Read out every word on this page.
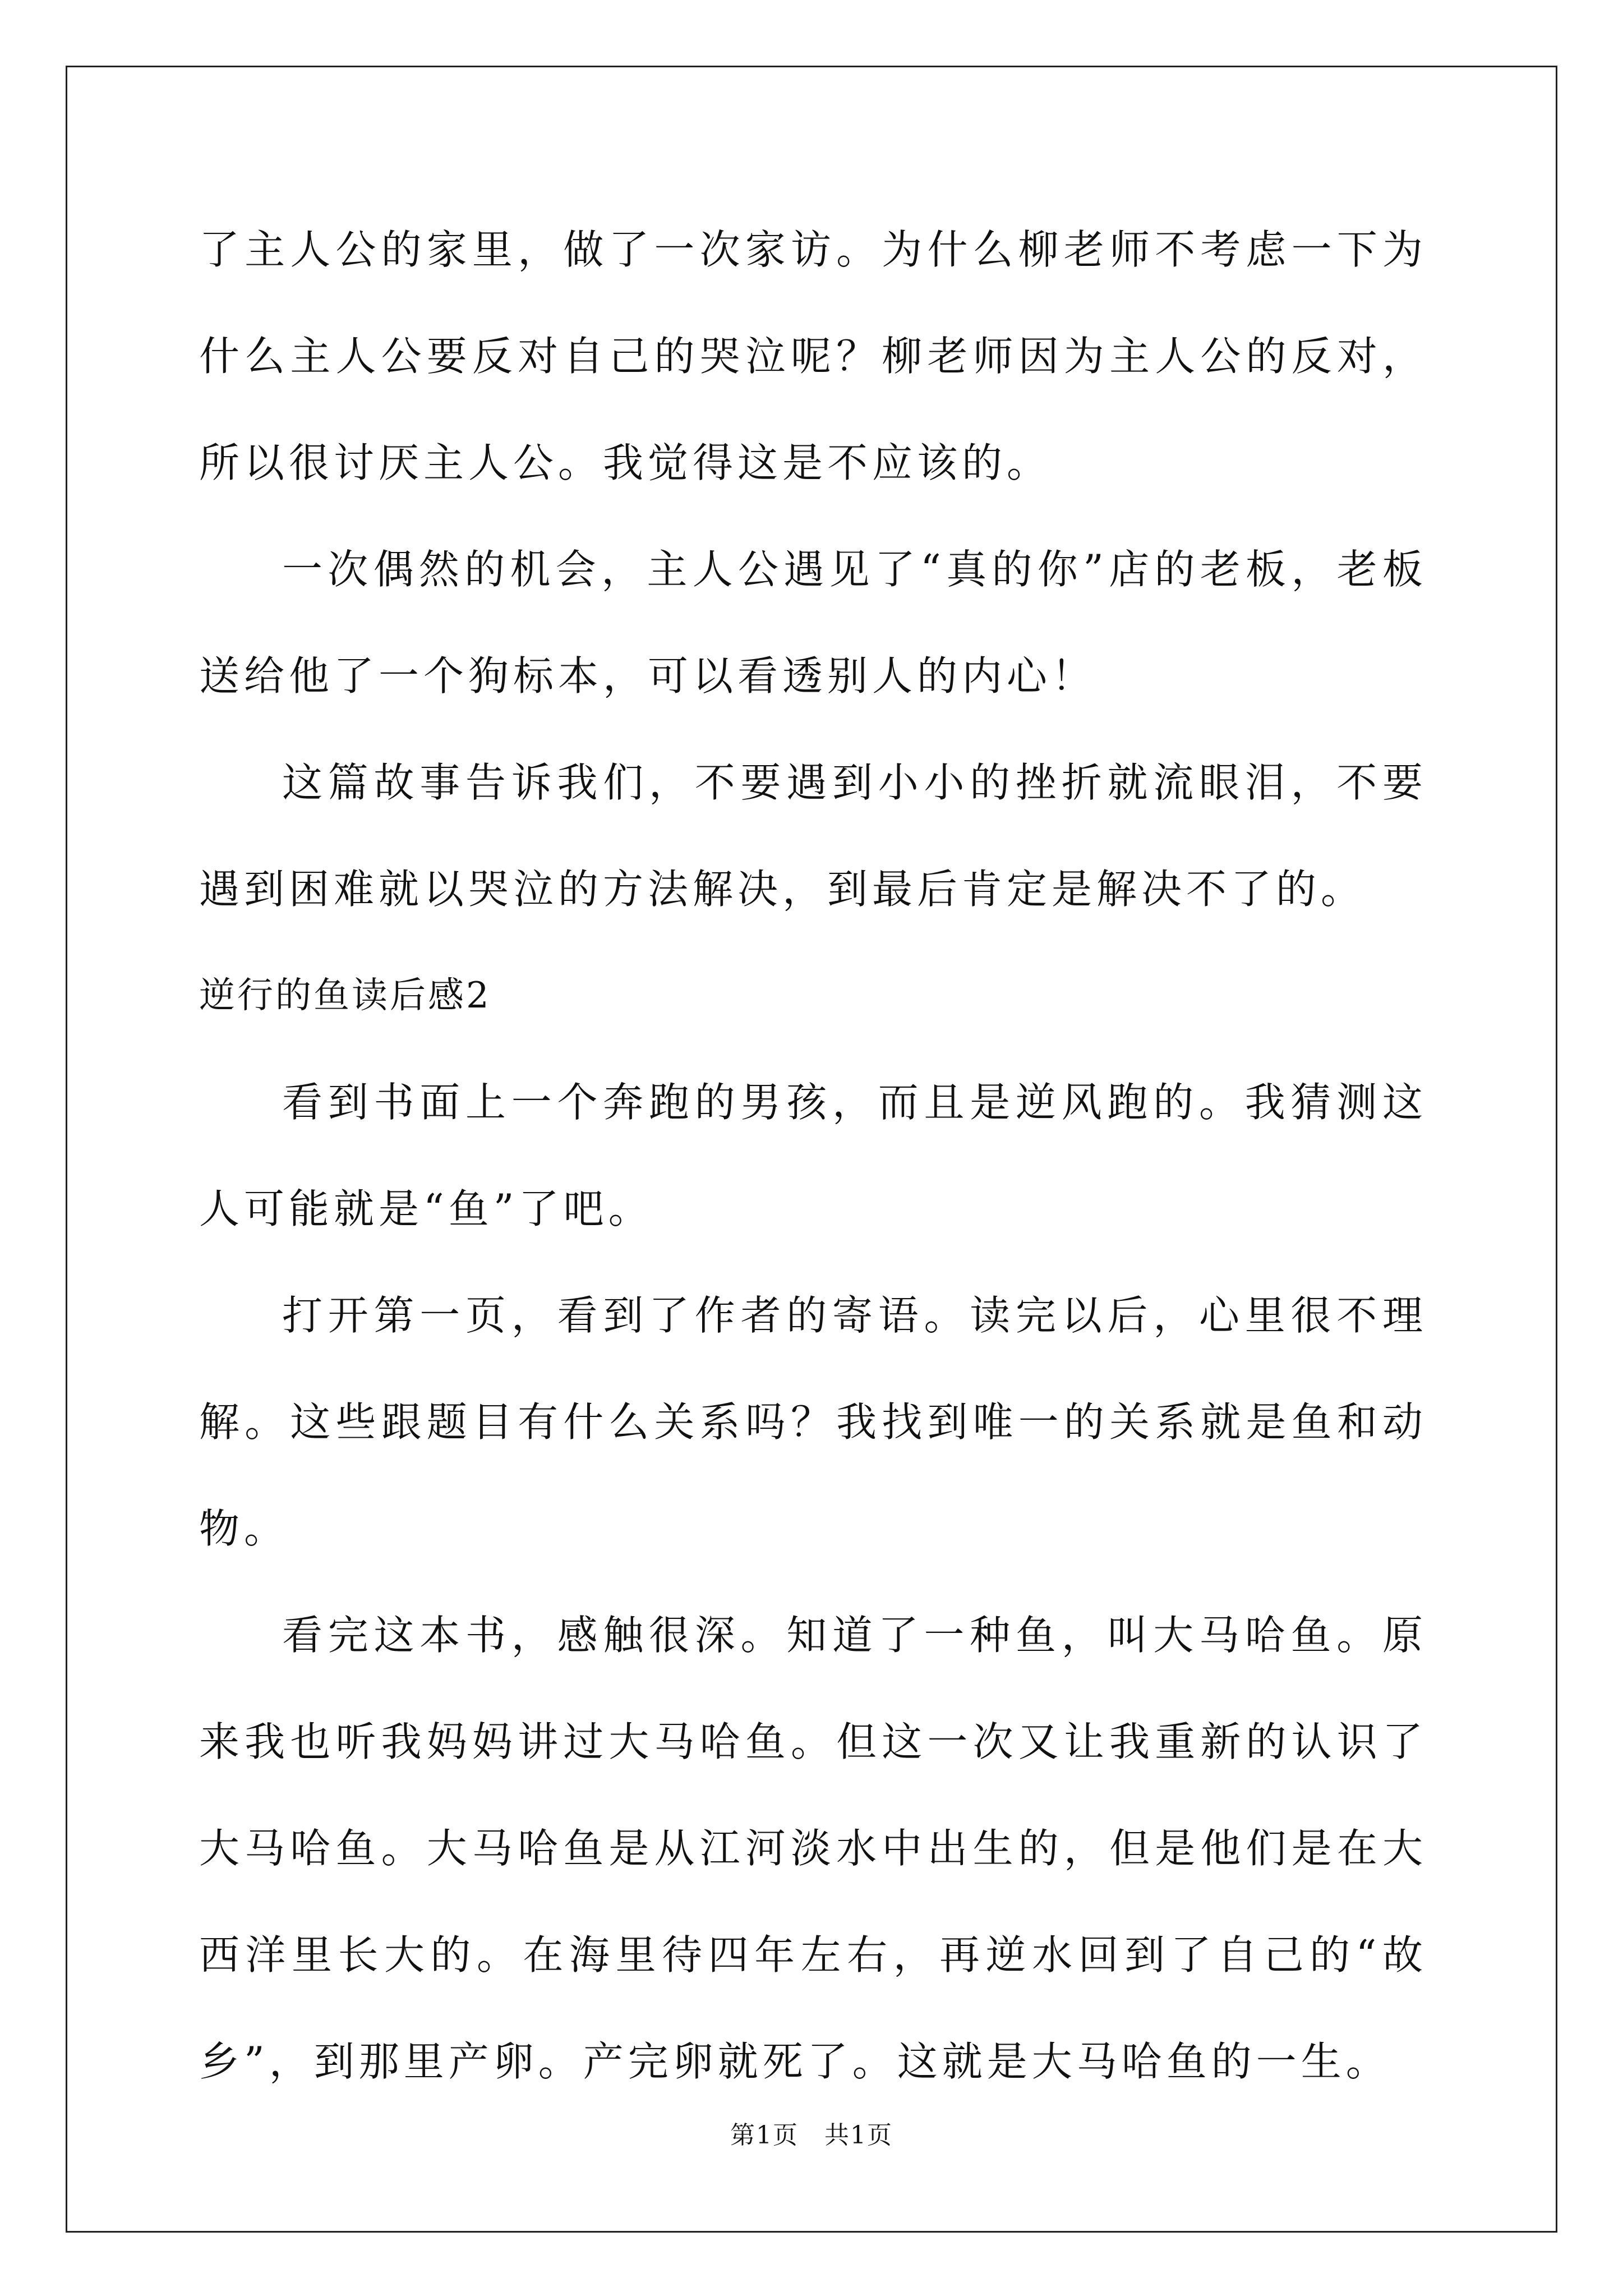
了主人公的家里，做了一次家访。为什么柳老师不考虑一下为什么主人公要反对自己的哭泣呢？柳老师因为主人公的反对，所以很讨厌主人公。我觉得这是不应该的。

一次偶然的机会，主人公遇见了“真的你”店的老板，老板送给他了一个狗标本，可以看透别人的内心！

这篇故事告诉我们，不要遇到小小的挫折就流眼泪，不要遇到困难就以哭泣的方法解决，到最后肯定是解决不了的。

逆行的鱼读后感2

看到书面上一个奔跑的男孩，而且是逆风跑的。我猜测这人可能就是“鱼”了吧。

打开第一页，看到了作者的寄语。读完以后，心里很不理解。这些跟题目有什么关系吗？我找到唯一的关系就是鱼和动物。

看完这本书，感触很深。知道了一种鱼，叫大马哈鱼。原来我也听我妈妈讲过大马哈鱼。但这一次又让我重新的认识了大马哈鱼。大马哈鱼是从江河淡水中出生的，但是他们是在大西洋里长大的。在海里待四年左右，再逆水回到了自己的“故乡”，到那里产卵。产完卵就死了。这就是大马哈鱼的一生。

第1页　共1页
